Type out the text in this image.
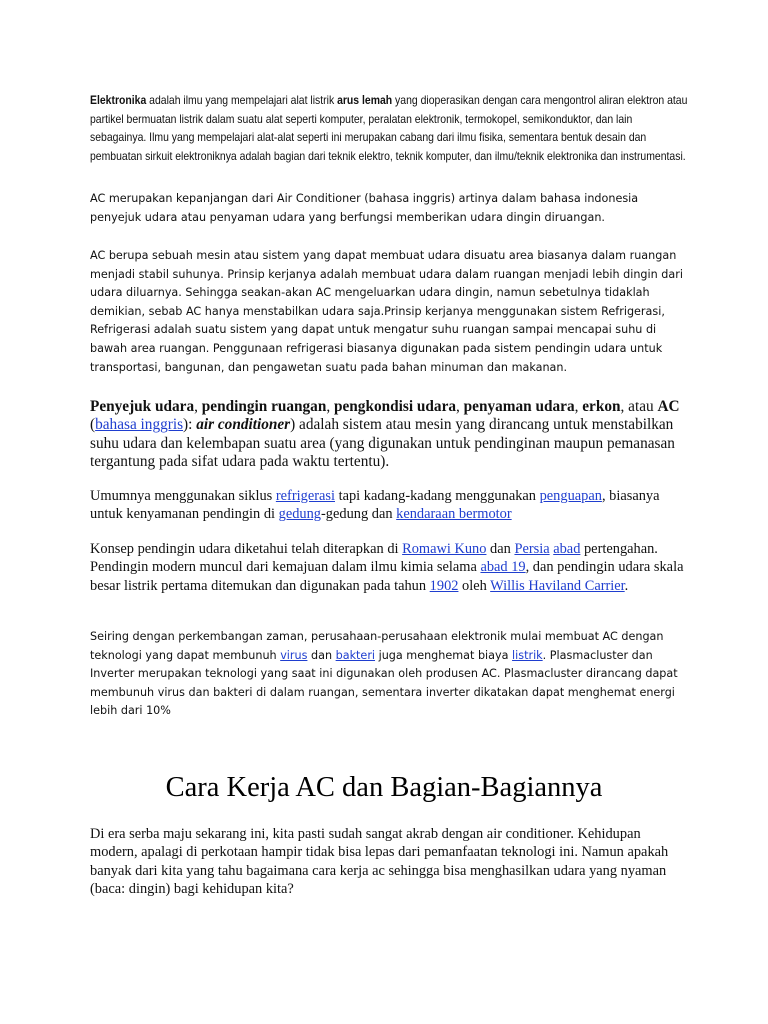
Elektronika adalah ilmu yang mempelajari alat listrik arus lemah yang dioperasikan dengan cara mengontrol aliran elektron atau partikel bermuatan listrik dalam suatu alat seperti komputer, peralatan elektronik, termokopel, semikonduktor, dan lain sebagainya. Ilmu yang mempelajari alat-alat seperti ini merupakan cabang dari ilmu fisika, sementara bentuk desain dan pembuatan sirkuit elektroniknya adalah bagian dari teknik elektro, teknik komputer, dan ilmu/teknik elektronika dan instrumentasi.

AC merupakan kepanjangan dari Air Conditioner (bahasa inggris) artinya dalam bahasa indonesia penyejuk udara atau penyaman udara yang berfungsi memberikan udara dingin diruangan.

AC berupa sebuah mesin atau sistem yang dapat membuat udara disuatu area biasanya dalam ruangan menjadi stabil suhunya. Prinsip kerjanya adalah membuat udara dalam ruangan menjadi lebih dingin dari udara diluarnya. Sehingga seakan-akan AC mengeluarkan udara dingin, namun sebetulnya tidaklah demikian, sebab AC hanya menstabilkan udara saja.Prinsip kerjanya menggunakan sistem Refrigerasi, Refrigerasi adalah suatu sistem yang dapat untuk mengatur suhu ruangan sampai mencapai suhu di bawah area ruangan. Penggunaan refrigerasi biasanya digunakan pada sistem pendingin udara untuk transportasi, bangunan, dan pengawetan suatu pada bahan minuman dan makanan.

Penyejuk udara, pendingin ruangan, pengkondisi udara, penyaman udara, erkon, atau AC (bahasa inggris): air conditioner) adalah sistem atau mesin yang dirancang untuk menstabilkan suhu udara dan kelembapan suatu area (yang digunakan untuk pendinginan maupun pemanasan tergantung pada sifat udara pada waktu tertentu).

Umumnya menggunakan siklus refrigerasi tapi kadang-kadang menggunakan penguapan, biasanya untuk kenyamanan pendingin di gedung-gedung dan kendaraan bermotor

Konsep pendingin udara diketahui telah diterapkan di Romawi Kuno dan Persia abad pertengahan. Pendingin modern muncul dari kemajuan dalam ilmu kimia selama abad 19, dan pendingin udara skala besar listrik pertama ditemukan dan digunakan pada tahun 1902 oleh Willis Haviland Carrier.

Seiring dengan perkembangan zaman, perusahaan-perusahaan elektronik mulai membuat AC dengan teknologi yang dapat membunuh virus dan bakteri juga menghemat biaya listrik. Plasmacluster dan Inverter merupakan teknologi yang saat ini digunakan oleh produsen AC. Plasmacluster dirancang dapat membunuh virus dan bakteri di dalam ruangan, sementara inverter dikatakan dapat menghemat energi lebih dari 10%

Cara Kerja AC dan Bagian-Bagiannya

Di era serba maju sekarang ini, kita pasti sudah sangat akrab dengan air conditioner. Kehidupan modern, apalagi di perkotaan hampir tidak bisa lepas dari pemanfaatan teknologi ini. Namun apakah banyak dari kita yang tahu bagaimana cara kerja ac sehingga bisa menghasilkan udara yang nyaman (baca: dingin) bagi kehidupan kita?
